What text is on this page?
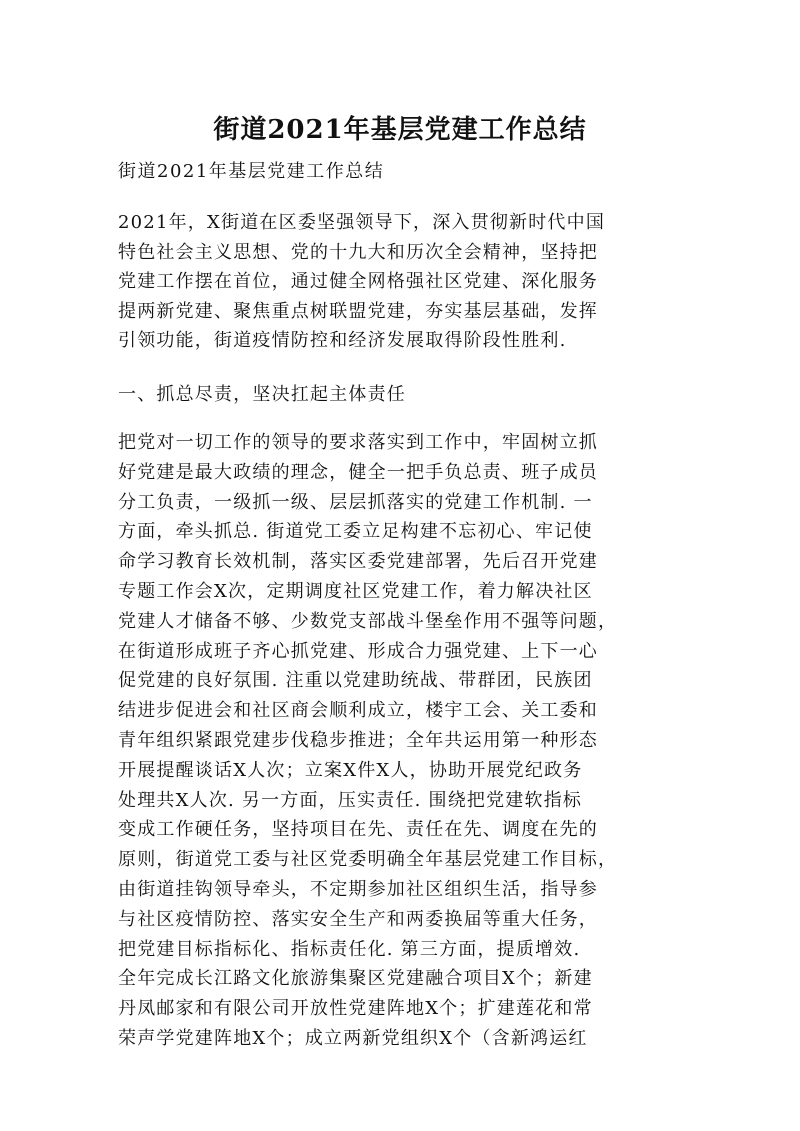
街道2021年基层党建工作总结
街道2021年基层党建工作总结
2021年，X街道在区委坚强领导下，深入贯彻新时代中国
特色社会主义思想、党的十九大和历次全会精神，坚持把
党建工作摆在首位，通过健全网格强社区党建、深化服务
提两新党建、聚焦重点树联盟党建，夯实基层基础，发挥
引领功能，街道疫情防控和经济发展取得阶段性胜利.
一、抓总尽责，坚决扛起主体责任
把党对一切工作的领导的要求落实到工作中，牢固树立抓
好党建是最大政绩的理念，健全一把手负总责、班子成员
分工负责，一级抓一级、层层抓落实的党建工作机制. 一
方面，牵头抓总. 街道党工委立足构建不忘初心、牢记使
命学习教育长效机制，落实区委党建部署，先后召开党建
专题工作会X次，定期调度社区党建工作，着力解决社区
党建人才储备不够、少数党支部战斗堡垒作用不强等问题，
在街道形成班子齐心抓党建、形成合力强党建、上下一心
促党建的良好氛围. 注重以党建助统战、带群团，民族团
结进步促进会和社区商会顺利成立，楼宇工会、关工委和
青年组织紧跟党建步伐稳步推进；全年共运用第一种形态
开展提醒谈话X人次；立案X件X人，协助开展党纪政务
处理共X人次. 另一方面，压实责任. 围绕把党建软指标
变成工作硬任务，坚持项目在先、责任在先、调度在先的
原则，街道党工委与社区党委明确全年基层党建工作目标，
由街道挂钩领导牵头，不定期参加社区组织生活，指导参
与社区疫情防控、落实安全生产和两委换届等重大任务，
把党建目标指标化、指标责任化. 第三方面，提质增效.
全年完成长江路文化旅游集聚区党建融合项目X个；新建
丹凤邮家和有限公司开放性党建阵地X个；扩建莲花和常
荣声学党建阵地X个；成立两新党组织X个（含新鸿运红
